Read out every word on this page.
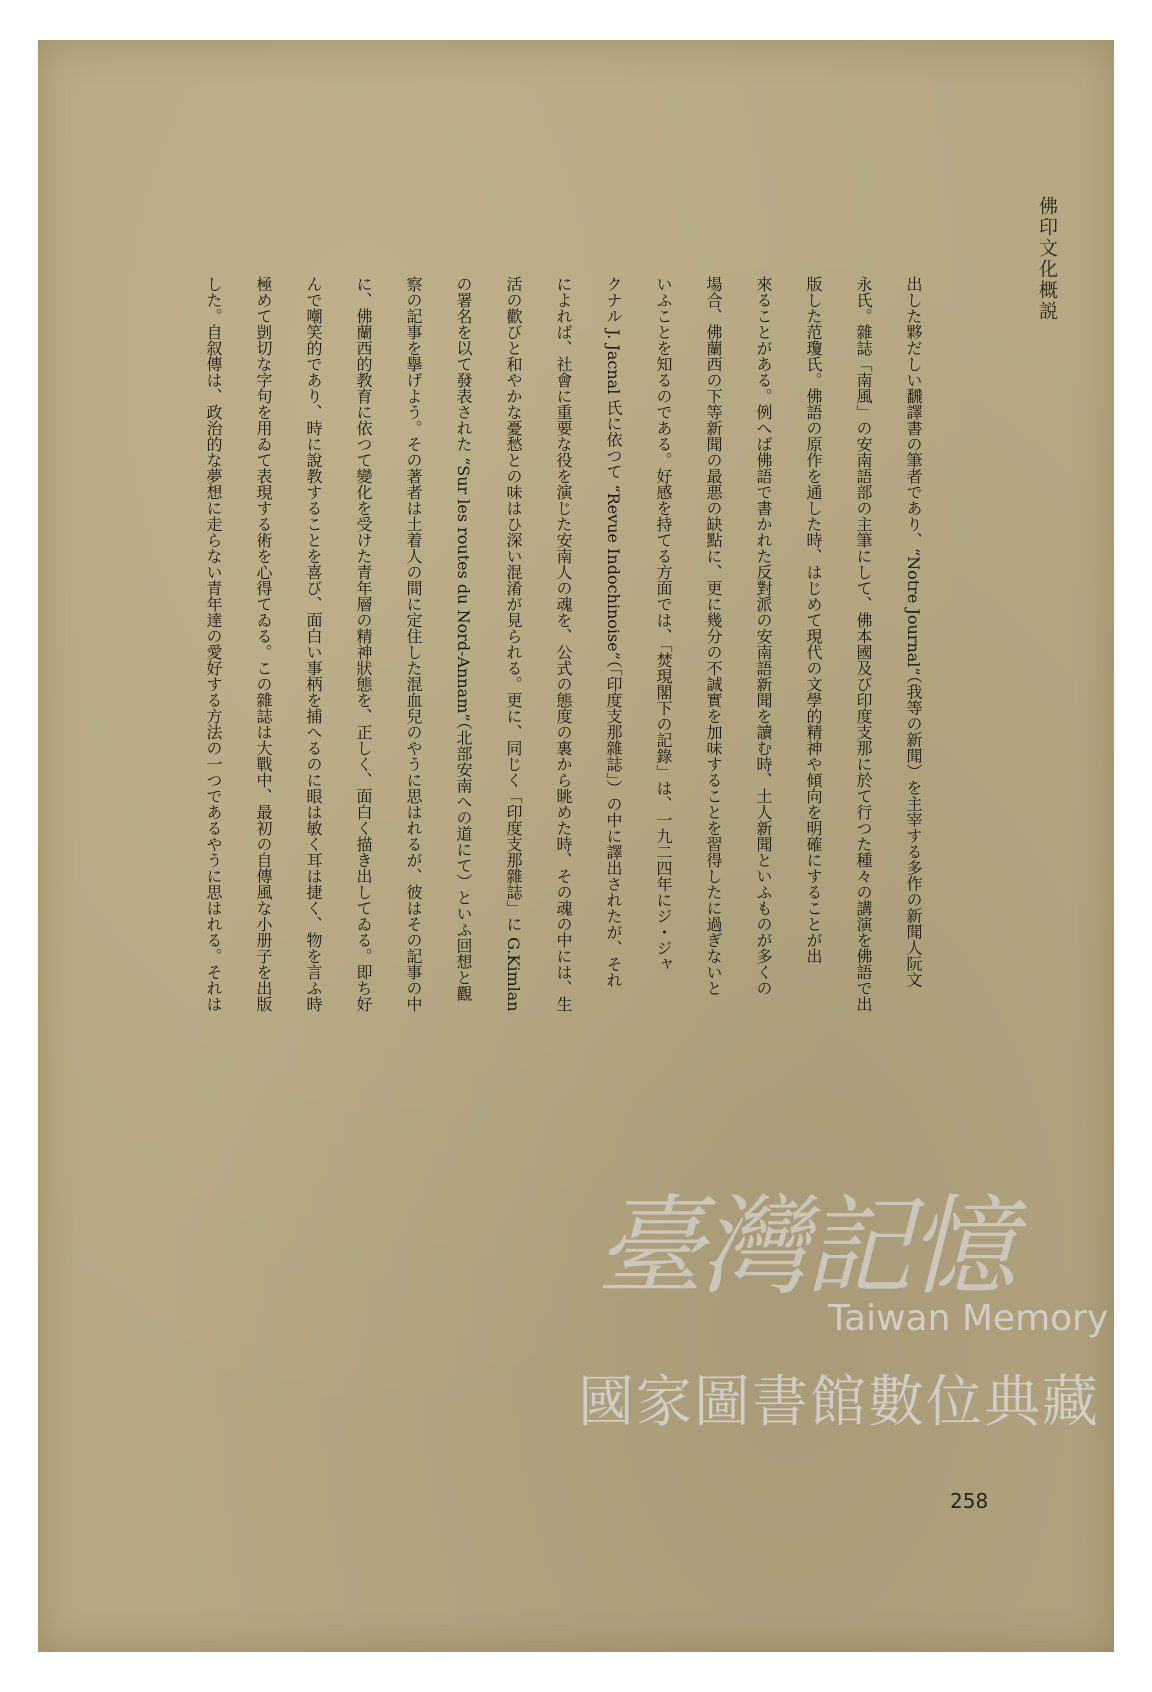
佛印文化概説
出した夥だしい飜譯書の筆者であり、“Notre Journal”（我等の新聞）を主宰する多作の新聞人阮文
永氏。雜誌「南風」の安南語部の主筆にして、佛本國及び印度支那に於て行つた種々の講演を佛語で出
版した范瓊氏。佛語の原作を通した時、はじめて現代の文學的精神や傾向を明確にすることが出
來ることがある。例へば佛語で書かれた反對派の安南語新聞を讀む時、土人新聞といふものが多くの
場合、佛蘭西の下等新聞の最悪の缺點に、更に幾分の不誠實を加味することを習得したに過ぎないと
いふことを知るのである。好感を持てる方面では、「焚現閣下の記錄」は、一九二四年にジ・ジャ
クナル J. Jacnal 氏に依つて “Revue Indochinoise”（「印度支那雜誌」）の中に譯出されたが、それ
によれば、社會に重要な役を演じた安南人の魂を、公式の態度の裏から眺めた時、その魂の中には、生
活の歡びと和やかな憂愁との味はひ深い混淆が見られる。更に、同じく「印度支那雜誌」に G.Kimlan
の署名を以て發表された “Sur les routes du Nord-Annam”（北部安南への道にて）といふ回想と觀
察の記事を擧げよう。その著者は土着人の間に定住した混血兒のやうに思はれるが、彼はその記事の中
に、佛蘭西的教育に依つて變化を受けた青年層の精神狀態を、正しく、面白く描き出してゐる。即ち好
んで嘲笑的であり、時に說教することを喜び、面白い事柄を捕へるのに眼は敏く耳は捷く、物を言ふ時
極めて剴切な字句を用ゐて表現する術を心得てゐる。この雜誌は大戰中、最初の自傳風な小册子を出版
した。自叙傳は、政治的な夢想に走らない青年達の愛好する方法の一つであるやうに思はれる。それは
258
臺灣記憶
Taiwan Memory
國家圖書館數位典藏
